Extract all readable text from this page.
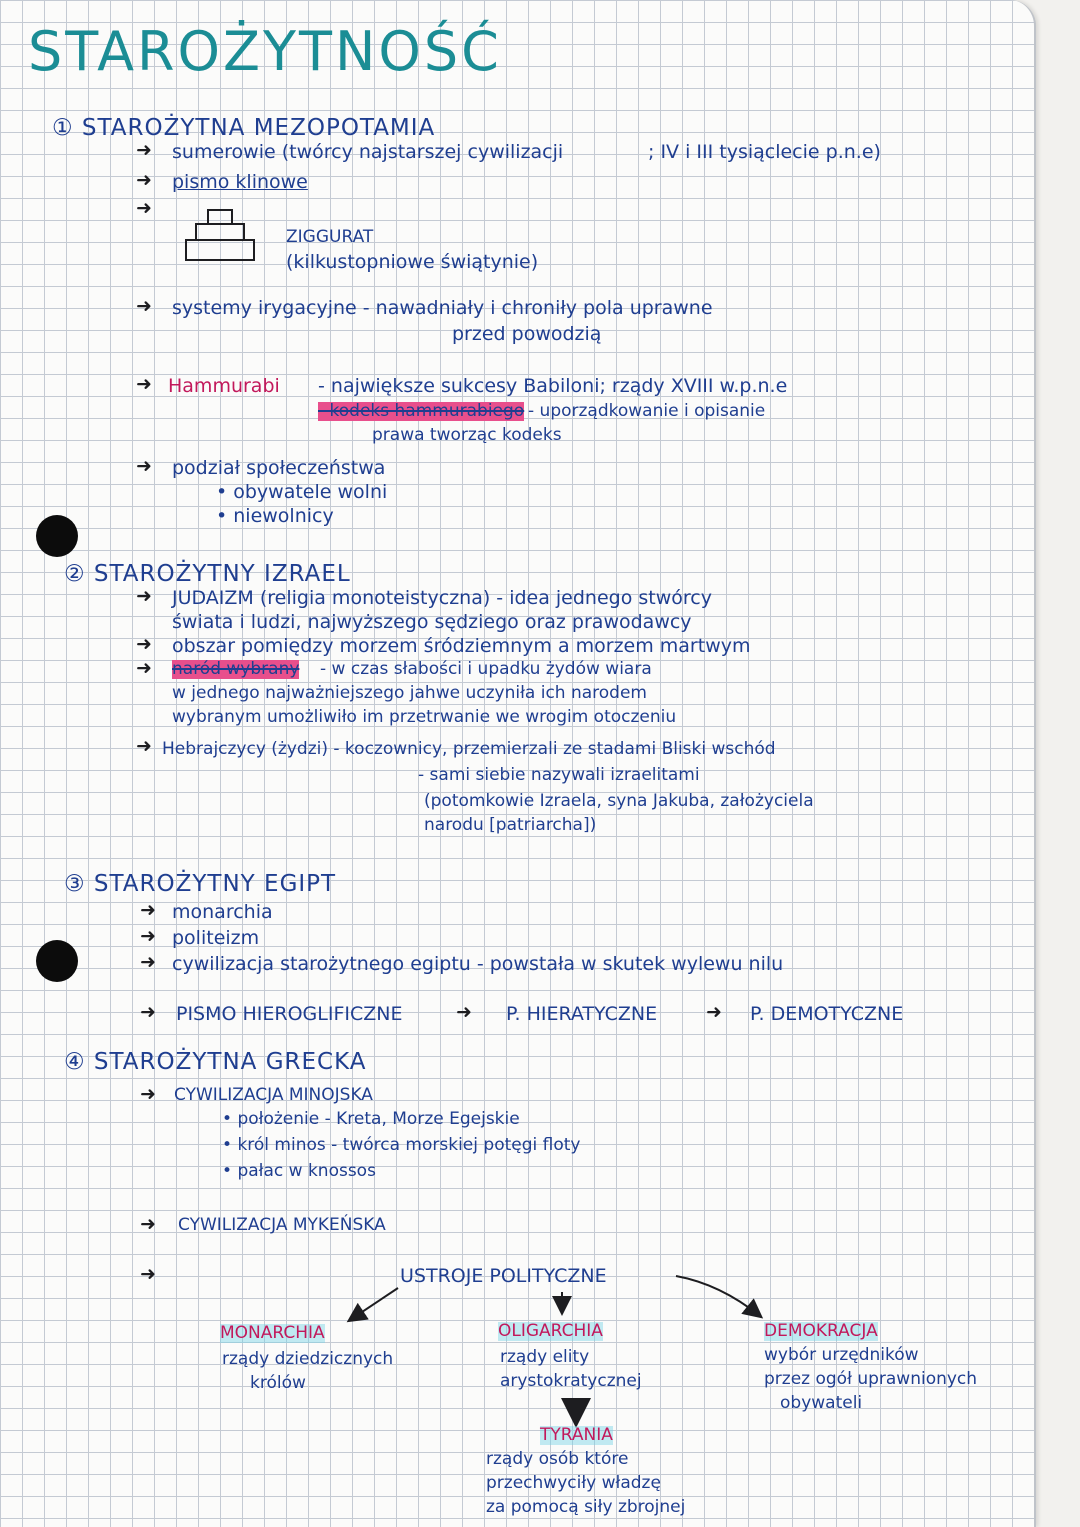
STAROŻYTNOŚĆ
① STAROŻYTNA MEZOPOTAMIA
➜ sumerowie (twórcy najstarszej cywilizacji	; IV i III tysiąclecie p.n.e)
➜ pismo klinowe
➜
ZIGGURAT
(kilkustopniowe świątynie)
➜ systemy irygacyjne - nawadniały i chroniły pola uprawne
przed powodzią
➜ Hammurabi - największe sukcesy Babiloni; rządy XVIII w.p.n.e
- kodeks hammurabiego - uporządkowanie i opisanie
prawa tworząc kodeks
➜ podział społeczeństwa
• obywatele wolni
• niewolnicy
② STAROŻYTNY IZRAEL
➜ JUDAIZM (religia monoteistyczna) - idea jednego stwórcy
świata i ludzi, najwyższego sędziego oraz prawodawcy
➜ obszar pomiędzy morzem śródziemnym a morzem martwym
➜ naród wybrany - w czas słabości i upadku żydów wiara
w jednego najważniejszego jahwe uczyniła ich narodem
wybranym umożliwiło im przetrwanie we wrogim otoczeniu
➜ Hebrajczycy (żydzi) - koczownicy, przemierzali ze stadami Bliski wschód
- sami siebie nazywali izraelitami
(potomkowie Izraela, syna Jakuba, założyciela
narodu [patriarcha])
③ STAROŻYTNY EGIPT
➜ monarchia
➜ politeizm
➜ cywilizacja starożytnego egiptu - powstała w skutek wylewu nilu
➜ PISMO HIEROGLIFICZNE	➜ P. HIERATYCZNE	➜ P. DEMOTYCZNE
④ STAROŻYTNA GRECKA
➜ CYWILIZACJA MINOJSKA
• położenie - Kreta, Morze Egejskie
• król minos - twórca morskiej potęgi floty
• pałac w knossos
➜ CYWILIZACJA MYKEŃSKA
➜	USTROJE POLITYCZNE
MONARCHIA
rządy dziedzicznych
królów
OLIGARCHIA
rządy elity
arystokratycznej
DEMOKRACJA
wybór urzędników
przez ogół uprawnionych
obywateli
TYRANIA
rządy osób które
przechwyciły władzę
za pomocą siły zbrojnej
